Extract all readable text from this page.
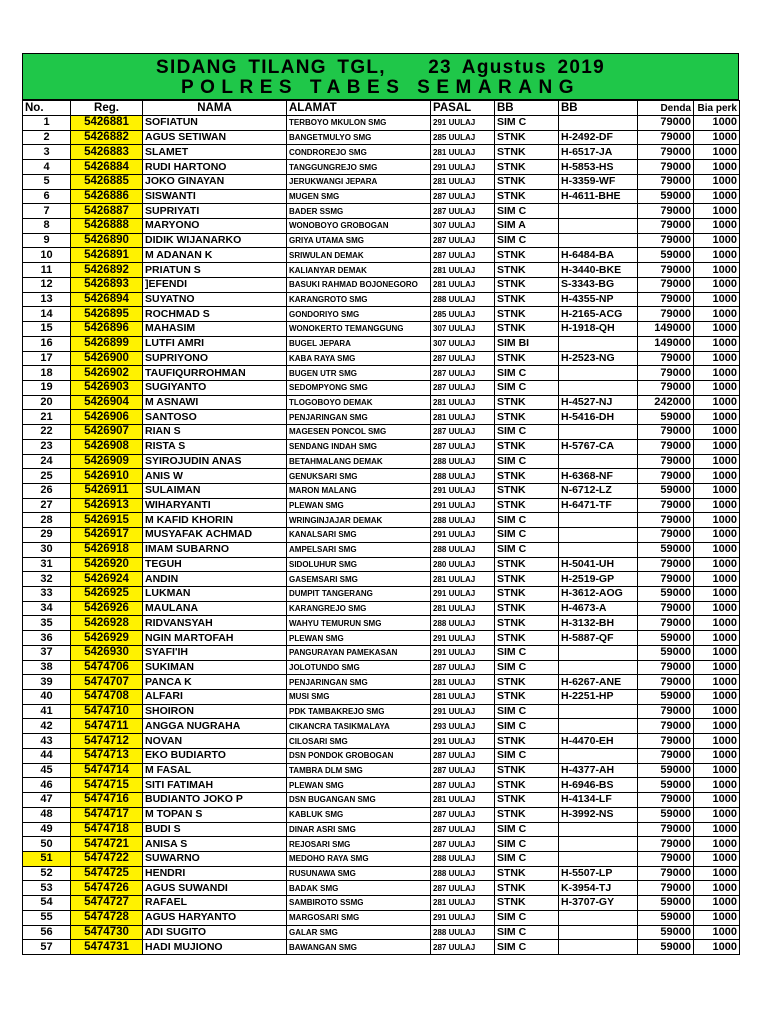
SIDANG TILANG TGL,    23 Agustus 2019
POLRES TABES SEMARANG
No.	Reg.	NAMA	ALAMAT	PASAL	BB	BB	Denda	Bia perk
1	5426881	SOFIATUN	TERBOYO MKULON SMG	291 UULAJ	SIM C		79000	1000
2	5426882	AGUS SETIWAN	BANGETMULYO SMG	285 UULAJ	STNK	H-2492-DF	79000	1000
3	5426883	SLAMET	CONDROREJO SMG	281 UULAJ	STNK	H-6517-JA	79000	1000
4	5426884	RUDI HARTONO	TANGGUNGREJO SMG	291 UULAJ	STNK	H-5853-HS	79000	1000
5	5426885	JOKO GINAYAN	JERUKWANGI JEPARA	281 UULAJ	STNK	H-3359-WF	79000	1000
6	5426886	SISWANTI	MUGEN SMG	287 UULAJ	STNK	H-4611-BHE	59000	1000
7	5426887	SUPRIYATI	BADER SSMG	287 UULAJ	SIM C		79000	1000
8	5426888	MARYONO	WONOBOYO GROBOGAN	307 UULAJ	SIM A		79000	1000
9	5426890	DIDIK WIJANARKO	GRIYA UTAMA SMG	287 UULAJ	SIM C		79000	1000
10	5426891	M ADANAN K	SRIWULAN DEMAK	287 UULAJ	STNK	H-6484-BA	59000	1000
11	5426892	PRIATUN S	KALIANYAR DEMAK	281 UULAJ	STNK	H-3440-BKE	79000	1000
12	5426893	]EFENDI	BASUKI RAHMAD BOJONEGORO	281 UULAJ	STNK	S-3343-BG	79000	1000
13	5426894	SUYATNO	KARANGROTO SMG	288 UULAJ	STNK	H-4355-NP	79000	1000
14	5426895	ROCHMAD S	GONDORIYO SMG	285 UULAJ	STNK	H-2165-ACG	79000	1000
15	5426896	MAHASIM	WONOKERTO TEMANGGUNG	307 UULAJ	STNK	H-1918-QH	149000	1000
16	5426899	LUTFI AMRI	BUGEL JEPARA	307 UULAJ	SIM BI		149000	1000
17	5426900	SUPRIYONO	KABA RAYA SMG	287 UULAJ	STNK	H-2523-NG	79000	1000
18	5426902	TAUFIQURROHMAN	BUGEN UTR SMG	287 UULAJ	SIM C		79000	1000
19	5426903	SUGIYANTO	SEDOMPYONG SMG	287 UULAJ	SIM C		79000	1000
20	5426904	M ASNAWI	TLOGOBOYO DEMAK	281 UULAJ	STNK	H-4527-NJ	242000	1000
21	5426906	SANTOSO	PENJARINGAN SMG	281 UULAJ	STNK	H-5416-DH	59000	1000
22	5426907	RIAN S	MAGESEN PONCOL SMG	287 UULAJ	SIM C		79000	1000
23	5426908	RISTA S	SENDANG INDAH SMG	287 UULAJ	STNK	H-5767-CA	79000	1000
24	5426909	SYIROJUDIN ANAS	BETAHMALANG DEMAK	288 UULAJ	SIM C		79000	1000
25	5426910	ANIS W	GENUKSARI SMG	288 UULAJ	STNK	H-6368-NF	79000	1000
26	5426911	SULAIMAN	MARON MALANG	291 UULAJ	STNK	N-6712-LZ	59000	1000
27	5426913	WIHARYANTI	PLEWAN SMG	291 UULAJ	STNK	H-6471-TF	79000	1000
28	5426915	M KAFID KHORIN	WRINGINJAJAR DEMAK	288 UULAJ	SIM C		79000	1000
29	5426917	MUSYAFAK ACHMAD	KANALSARI SMG	291 UULAJ	SIM C		79000	1000
30	5426918	IMAM SUBARNO	AMPELSARI SMG	288 UULAJ	SIM C		59000	1000
31	5426920	TEGUH	SIDOLUHUR SMG	280 UULAJ	STNK	H-5041-UH	79000	1000
32	5426924	ANDIN	GASEMSARI SMG	281 UULAJ	STNK	H-2519-GP	79000	1000
33	5426925	LUKMAN	DUMPIT TANGERANG	291 UULAJ	STNK	H-3612-AOG	59000	1000
34	5426926	MAULANA	KARANGREJO SMG	281 UULAJ	STNK	H-4673-A	79000	1000
35	5426928	RIDVANSYAH	WAHYU TEMURUN SMG	288 UULAJ	STNK	H-3132-BH	79000	1000
36	5426929	NGIN MARTOFAH	PLEWAN SMG	291 UULAJ	STNK	H-5887-QF	59000	1000
37	5426930	SYAFI'IH	PANGURAYAN PAMEKASAN	291 UULAJ	SIM C		59000	1000
38	5474706	SUKIMAN	JOLOTUNDO SMG	287 UULAJ	SIM C		79000	1000
39	5474707	PANCA K	PENJARINGAN SMG	281 UULAJ	STNK	H-6267-ANE	79000	1000
40	5474708	ALFARI	MUSI SMG	281 UULAJ	STNK	H-2251-HP	59000	1000
41	5474710	SHOIRON	PDK TAMBAKREJO SMG	291 UULAJ	SIM C		79000	1000
42	5474711	ANGGA NUGRAHA	CIKANCRA TASIKMALAYA	293 UULAJ	SIM C		79000	1000
43	5474712	NOVAN	CILOSARI SMG	291 UULAJ	STNK	H-4470-EH	79000	1000
44	5474713	EKO BUDIARTO	DSN PONDOK GROBOGAN	287 UULAJ	SIM C		79000	1000
45	5474714	M FASAL	TAMBRA DLM SMG	287 UULAJ	STNK	H-4377-AH	59000	1000
46	5474715	SITI FATIMAH	PLEWAN SMG	287 UULAJ	STNK	H-6946-BS	59000	1000
47	5474716	BUDIANTO JOKO P	DSN BUGANGAN SMG	281 UULAJ	STNK	H-4134-LF	79000	1000
48	5474717	M TOPAN S	KABLUK SMG	287 UULAJ	STNK	H-3992-NS	59000	1000
49	5474718	BUDI S	DINAR ASRI SMG	287 UULAJ	SIM C		79000	1000
50	5474721	ANISA S	REJOSARI SMG	287 UULAJ	SIM C		79000	1000
51	5474722	SUWARNO	MEDOHO RAYA SMG	288 UULAJ	SIM C		79000	1000
52	5474725	HENDRI	RUSUNAWA SMG	288 UULAJ	STNK	H-5507-LP	79000	1000
53	5474726	AGUS SUWANDI	BADAK SMG	287 UULAJ	STNK	K-3954-TJ	79000	1000
54	5474727	RAFAEL	SAMBIROTO SSMG	281 UULAJ	STNK	H-3707-GY	59000	1000
55	5474728	AGUS HARYANTO	MARGOSARI SMG	291 UULAJ	SIM C		59000	1000
56	5474730	ADI SUGITO	GALAR SMG	288 UULAJ	SIM C		59000	1000
57	5474731	HADI MUJIONO	BAWANGAN SMG	287 UULAJ	SIM C		59000	1000
